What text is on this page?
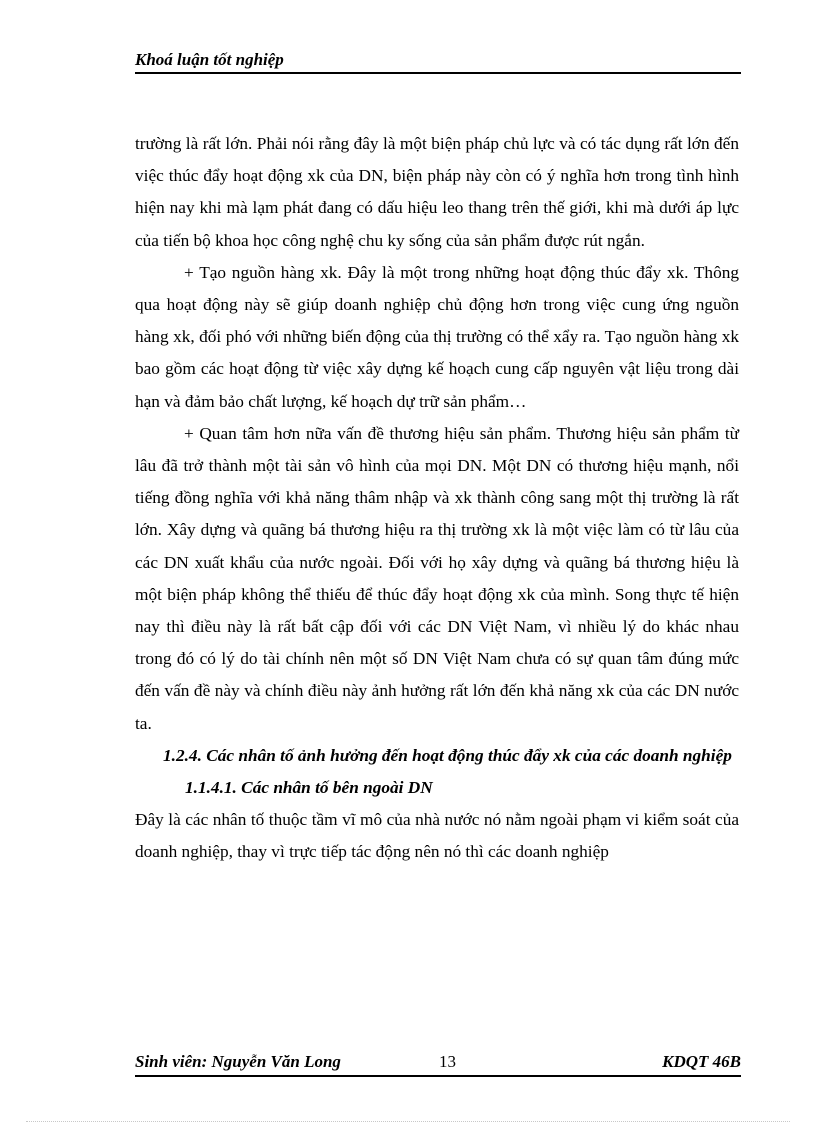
Khoá luận tốt nghiệp

trường là rất lớn. Phải nói rằng đây là một biện pháp chủ lực và có tác dụng rất lớn đến việc thúc đẩy hoạt động xk của DN, biện pháp này còn có ý nghĩa hơn trong tình hình hiện nay khi mà lạm phát đang có dấu hiệu leo thang trên thế giới, khi mà dưới áp lực của tiến bộ khoa học công nghệ chu ky sống của sản phẩm được rút ngắn.

+ Tạo nguồn hàng xk. Đây là một trong những hoạt động thúc đẩy xk. Thông qua hoạt động này sẽ giúp doanh nghiệp chủ động hơn trong việc cung ứng nguồn hàng xk, đối phó với những biến động của thị trường có thể xẩy ra. Tạo nguồn hàng xk bao gồm các hoạt động từ việc xây dựng kế hoạch cung cấp nguyên vật liệu trong dài hạn và đảm bảo chất lượng, kế hoạch dự trữ sản phẩm…

+ Quan tâm hơn nữa vấn đề thương hiệu sản phẩm. Thương hiệu sản phẩm từ lâu đã trở thành một tài sản vô hình của mọi DN. Một DN có thương hiệu mạnh, nổi tiếng đồng nghĩa với khả năng thâm nhập và xk thành công sang một thị trường là rất lớn. Xây dựng và quãng bá thương hiệu ra thị trường xk là một việc làm có từ lâu của các DN xuất khẩu của nước ngoài. Đối với họ xây dựng và quãng bá thương hiệu là một biện pháp không thể thiếu để thúc đẩy hoạt động xk của mình. Song thực tế hiện nay thì điều này là rất bất cập đối với các DN Việt Nam, vì nhiều lý do khác nhau trong đó có lý do tài chính nên một số DN Việt Nam chưa có sự quan tâm đúng mức đến vấn đề này và chính điều này ảnh hưởng rất lớn đến khả năng xk của các DN nước ta.

1.2.4. Các nhân tố ảnh hưởng đến hoạt động thúc đẩy xk của các doanh nghiệp

1.1.4.1. Các nhân tố bên ngoài DN

Đây là các nhân tố thuộc tầm vĩ mô của nhà nước nó nằm ngoài phạm vi kiểm soát của doanh nghiệp, thay vì trực tiếp tác động nên nó thì các doanh nghiệp

Sinh viên: Nguyễn Văn Long	13	KDQT 46B
